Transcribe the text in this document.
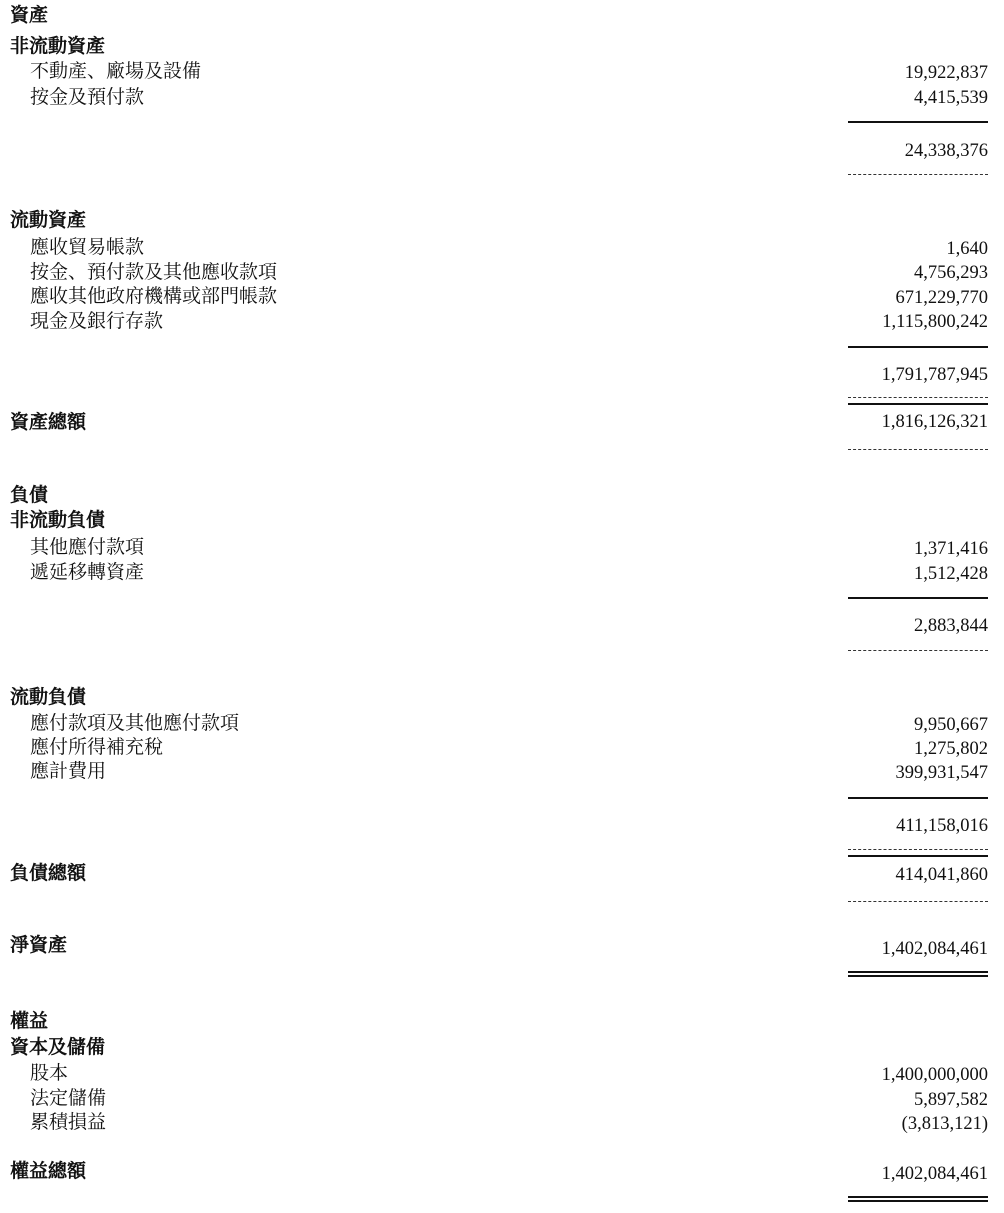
資產
非流動資產
不動產、廠場及設備	19,922,837
按金及預付款	4,415,539
24,338,376
流動資產
應收貿易帳款	1,640
按金、預付款及其他應收款項	4,756,293
應收其他政府機構或部門帳款	671,229,770
現金及銀行存款	1,115,800,242
1,791,787,945
資產總額	1,816,126,321
負債
非流動負債
其他應付款項	1,371,416
遞延移轉資產	1,512,428
2,883,844
流動負債
應付款項及其他應付款項	9,950,667
應付所得補充稅	1,275,802
應計費用	399,931,547
411,158,016
負債總額	414,041,860
淨資產	1,402,084,461
權益
資本及儲備
股本	1,400,000,000
法定儲備	5,897,582
累積損益	(3,813,121)
權益總額	1,402,084,461
